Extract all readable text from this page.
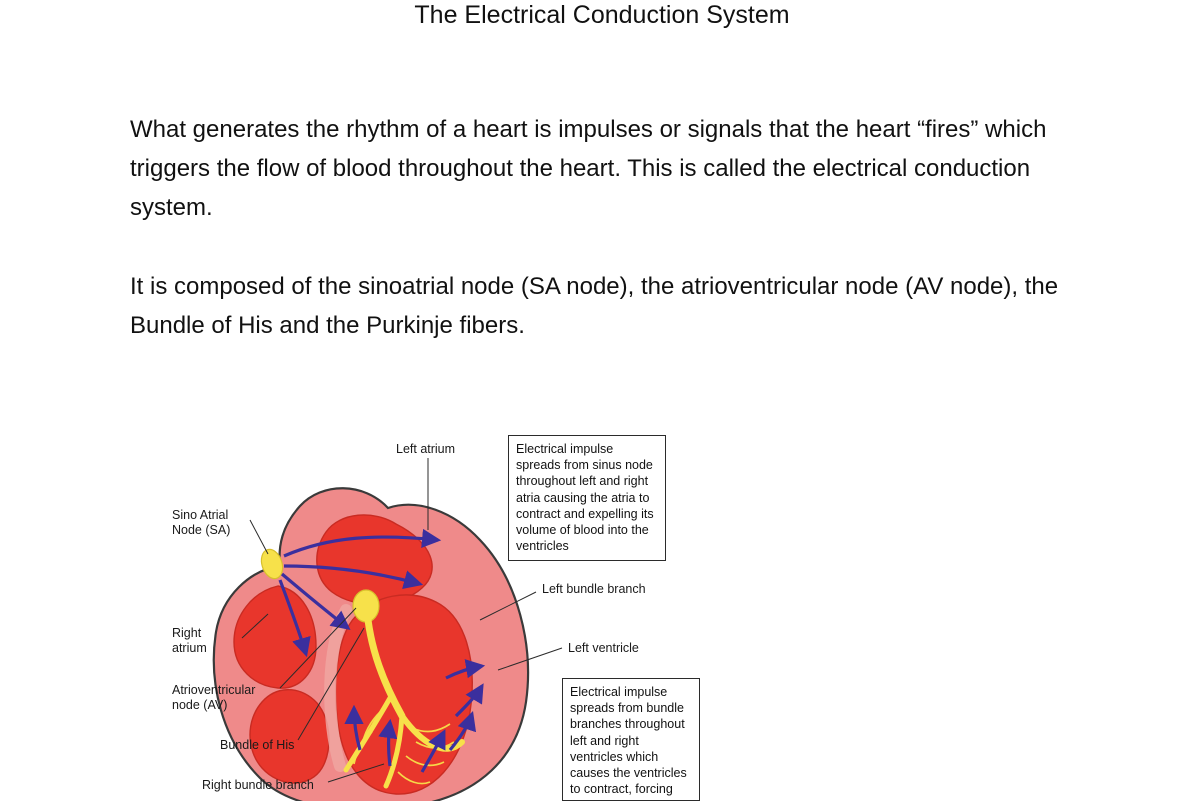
The Electrical Conduction System
What generates the rhythm of a heart is impulses or signals that the heart “fires” which triggers the flow of blood throughout the heart. This is called the electrical conduction system.
It is composed of the sinoatrial node (SA node), the atrioventricular node (AV node), the Bundle of His and the Purkinje fibers.
Left atrium
Sino Atrial
Node (SA)
Right
atrium
Atrioventricular
node (AV)
Bundle of His
Right bundle branch
Left bundle branch
Left ventricle
Electrical impulse spreads from sinus node throughout left and right atria causing the atria to contract and expelling its volume of blood into the ventricles
Electrical impulse spreads from bundle branches throughout left and right ventricles which causes the ventricles to contract, forcing
